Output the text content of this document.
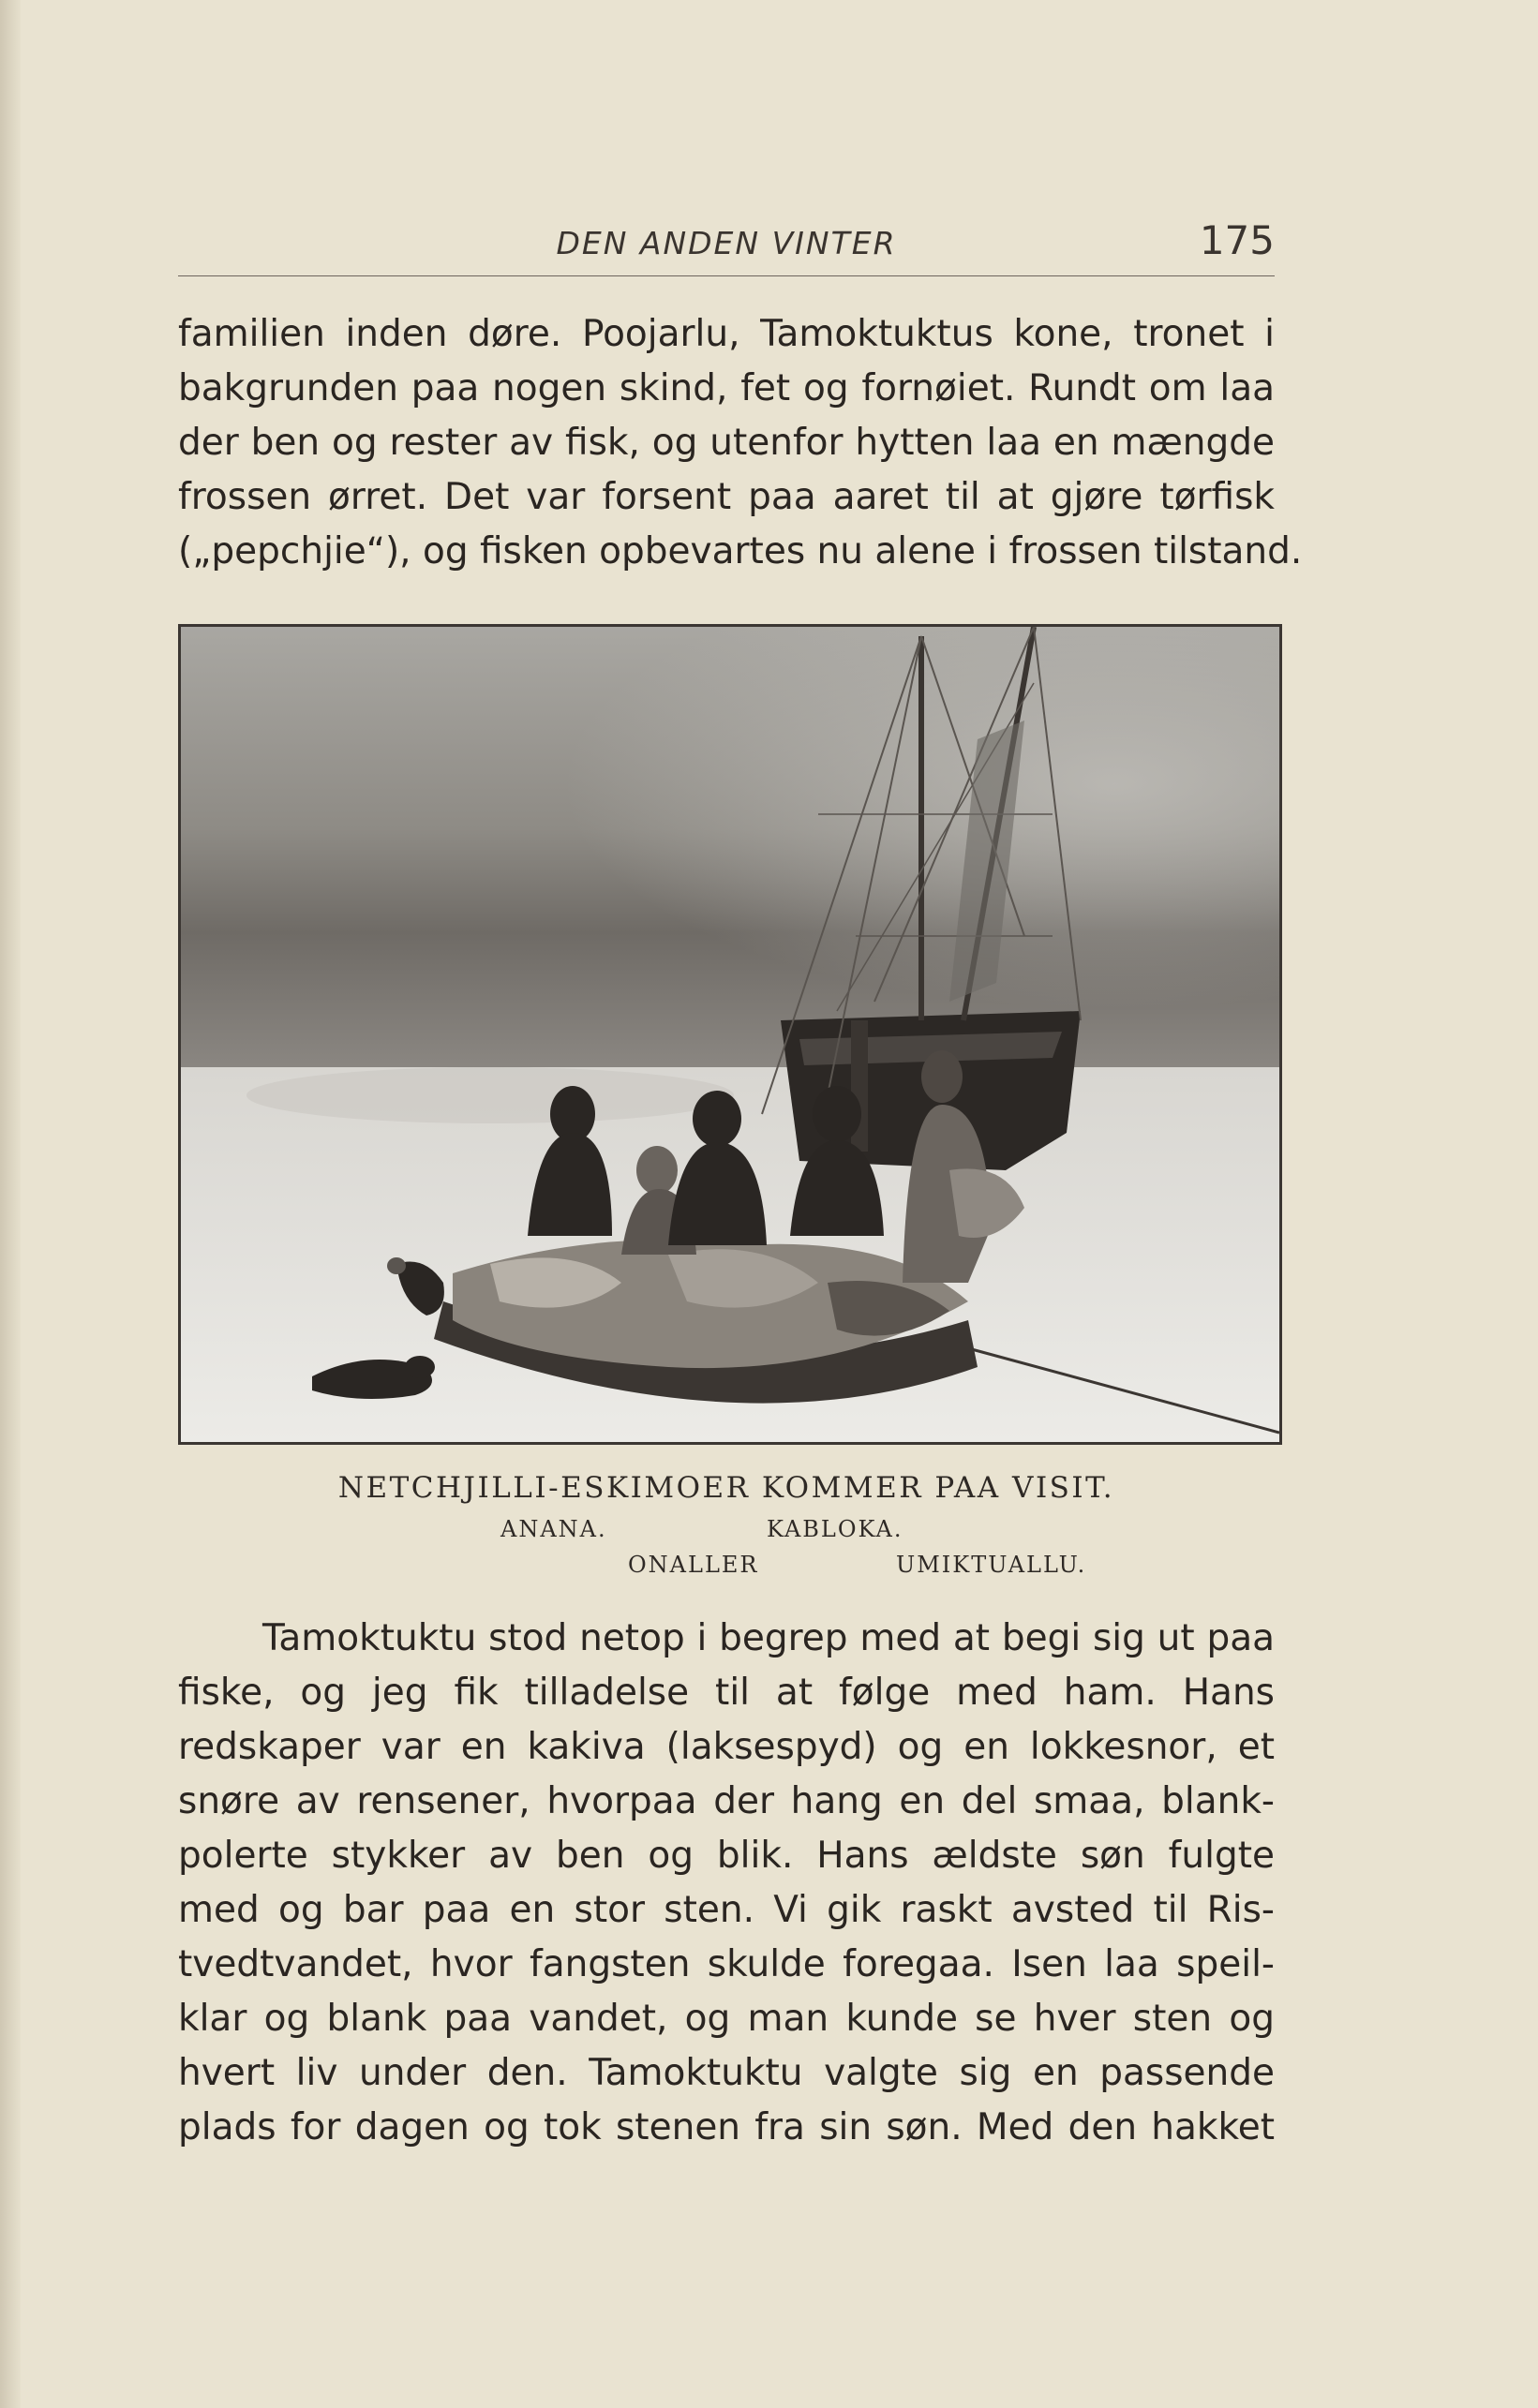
DEN ANDEN VINTER	175
familien inden døre. Poojarlu, Tamoktuktus kone, tronet i
bakgrunden paa nogen skind, fet og fornøiet. Rundt om laa
der ben og rester av fisk, og utenfor hytten laa en mængde
frossen ørret. Det var forsent paa aaret til at gjøre tørfisk
(„pepchjie“), og fisken opbevartes nu alene i frossen tilstand.
NETCHJILLI-ESKIMOER KOMMER PAA VISIT.
ANANA.	KABLOKA.
ONALLER	UMIKTUALLU.
Tamoktuktu stod netop i begrep med at begi sig ut paa
fiske, og jeg fik tilladelse til at følge med ham. Hans
redskaper var en kakiva (laksespyd) og en lokkesnor, et
snøre av rensener, hvorpaa der hang en del smaa, blank-
polerte stykker av ben og blik. Hans ældste søn fulgte
med og bar paa en stor sten. Vi gik raskt avsted til Ris-
tvedtvandet, hvor fangsten skulde foregaa. Isen laa speil-
klar og blank paa vandet, og man kunde se hver sten og
hvert liv under den. Tamoktuktu valgte sig en passende
plads for dagen og tok stenen fra sin søn. Med den hakket
